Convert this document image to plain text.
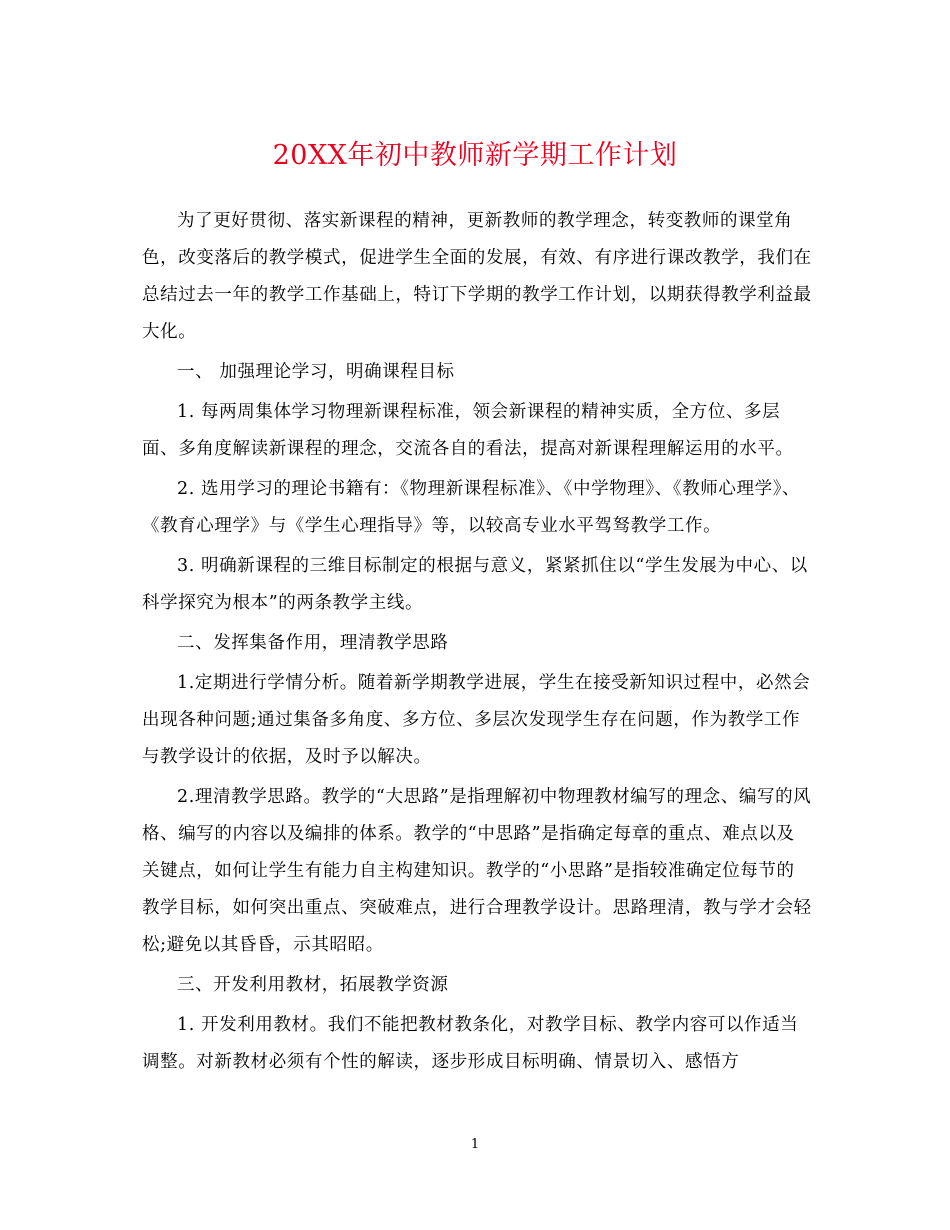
20XX年初中教师新学期工作计划

为了更好贯彻、落实新课程的精神，更新教师的教学理念，转变教师的课堂角色，改变落后的教学模式，促进学生全面的发展，有效、有序进行课改教学，我们在总结过去一年的教学工作基础上，特订下学期的教学工作计划，以期获得教学利益最大化。

一、 加强理论学习，明确课程目标

1. 每两周集体学习物理新课程标准，领会新课程的精神实质，全方位、多层面、多角度解读新课程的理念，交流各自的看法，提高对新课程理解运用的水平。

2. 选用学习的理论书籍有：《物理新课程标准》、《中学物理》、《教师心理学》、《教育心理学》与《学生心理指导》等，以较高专业水平驾驽教学工作。

3. 明确新课程的三维目标制定的根据与意义，紧紧抓住以“学生发展为中心、以科学探究为根本”的两条教学主线。

二、发挥集备作用，理清教学思路

1.定期进行学情分析。随着新学期教学进展，学生在接受新知识过程中，必然会出现各种问题;通过集备多角度、多方位、多层次发现学生存在问题，作为教学工作与教学设计的依据，及时予以解决。

2.理清教学思路。教学的“大思路”是指理解初中物理教材编写的理念、编写的风格、编写的内容以及编排的体系。教学的“中思路”是指确定每章的重点、难点以及关键点，如何让学生有能力自主构建知识。教学的“小思路”是指较准确定位每节的教学目标，如何突出重点、突破难点，进行合理教学设计。思路理清，教与学才会轻松;避免以其昏昏，示其昭昭。

三、开发利用教材，拓展教学资源

1. 开发利用教材。我们不能把教材教条化，对教学目标、教学内容可以作适当调整。对新教材必须有个性的解读，逐步形成目标明确、情景切入、感悟方

1
